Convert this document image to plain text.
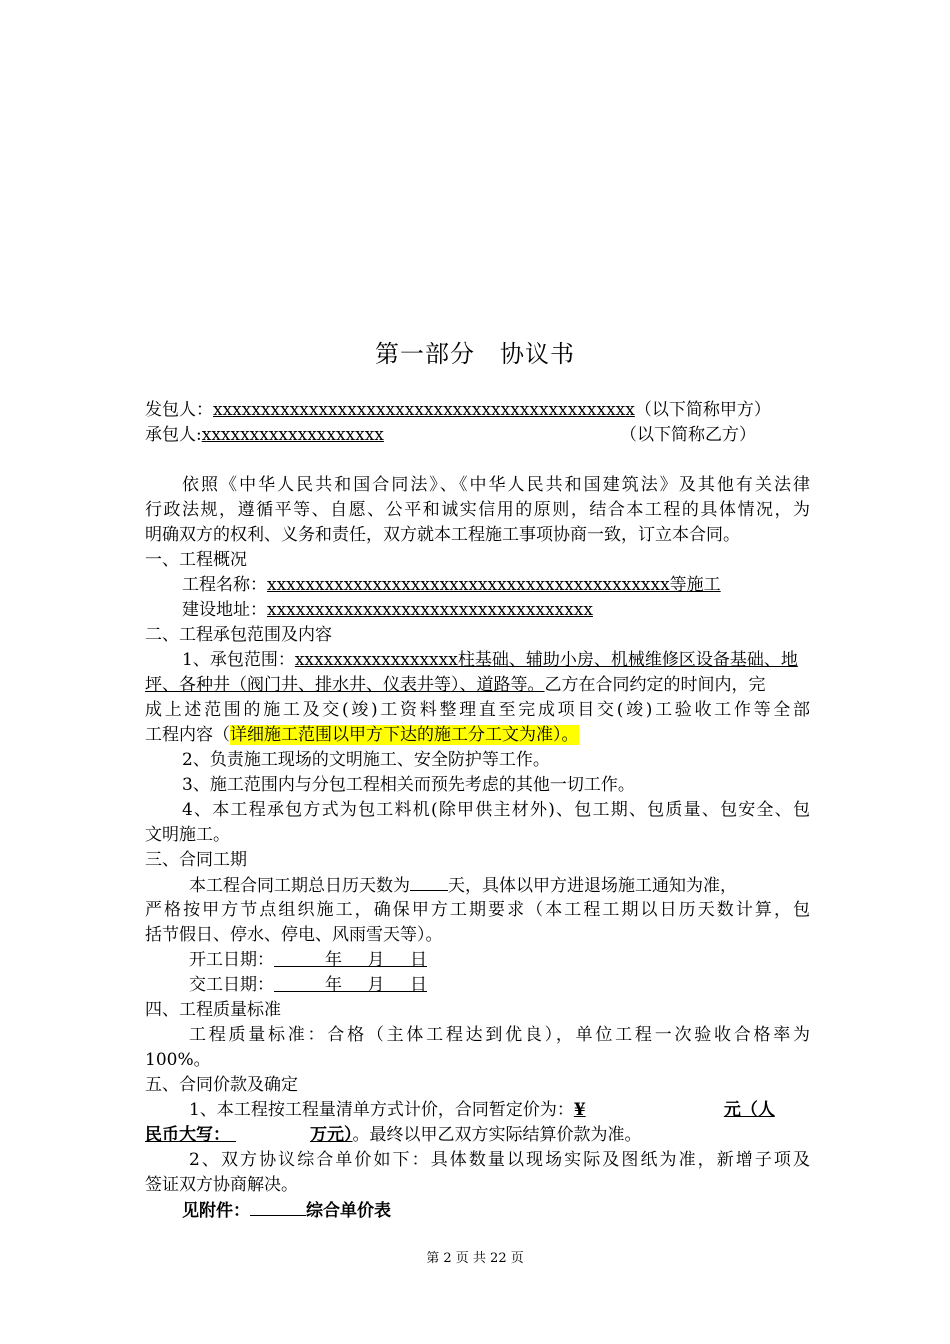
第一部分　协议书
发包人：xxxxxxxxxxxxxxxxxxxxxxxxxxxxxxxxxxxxxxxxxxxx（以下简称甲方）
承包人:xxxxxxxxxxxxxxxxxxx	（以下简称乙方）
依照《中华人民共和国合同法》、《中华人民共和国建筑法》及其他有关法律
行政法规，遵循平等、自愿、公平和诚实信用的原则，结合本工程的具体情况，为
明确双方的权利、义务和责任，双方就本工程施工事项协商一致，订立本合同。
一、工程概况
工程名称：xxxxxxxxxxxxxxxxxxxxxxxxxxxxxxxxxxxxxxxxxx等施工
建设地址：xxxxxxxxxxxxxxxxxxxxxxxxxxxxxxxxxx
二、工程承包范围及内容
1、承包范围：xxxxxxxxxxxxxxxxx柱基础、辅助小房、机械维修区设备基础、地
坪、各种井（阀门井、排水井、仪表井等）、道路等。乙方在合同约定的时间内，完
成上述范围的施工及交(竣)工资料整理直至完成项目交(竣)工验收工作等全部
工程内容（详细施工范围以甲方下达的施工分工文为准）。
2、负责施工现场的文明施工、安全防护等工作。
3、施工范围内与分包工程相关而预先考虑的其他一切工作。
4、本工程承包方式为包工料机(除甲供主材外)、包工期、包质量、包安全、包
文明施工。
三、合同工期
本工程合同工期总日历天数为 天，具体以甲方进退场施工通知为准，
严格按甲方节点组织施工，确保甲方工期要求（本工程工期以日历天数计算，包
括节假日、停水、停电、风雨雪天等）。
开工日期：     	年   月   日
交工日期：     	年   月   日
四、工程质量标准
工程质量标准：合格（主体工程达到优良），单位工程一次验收合格率为
100%。
五、合同价款及确定
1、本工程按工程量清单方式计价，合同暂定价为：¥	元（人
民币大写：	万元）。最终以甲乙双方实际结算价款为准。
2、双方协议综合单价如下：具体数量以现场实际及图纸为准，新增子项及
签证双方协商解决。
见附件：	综合单价表
第 2 页 共 22 页
